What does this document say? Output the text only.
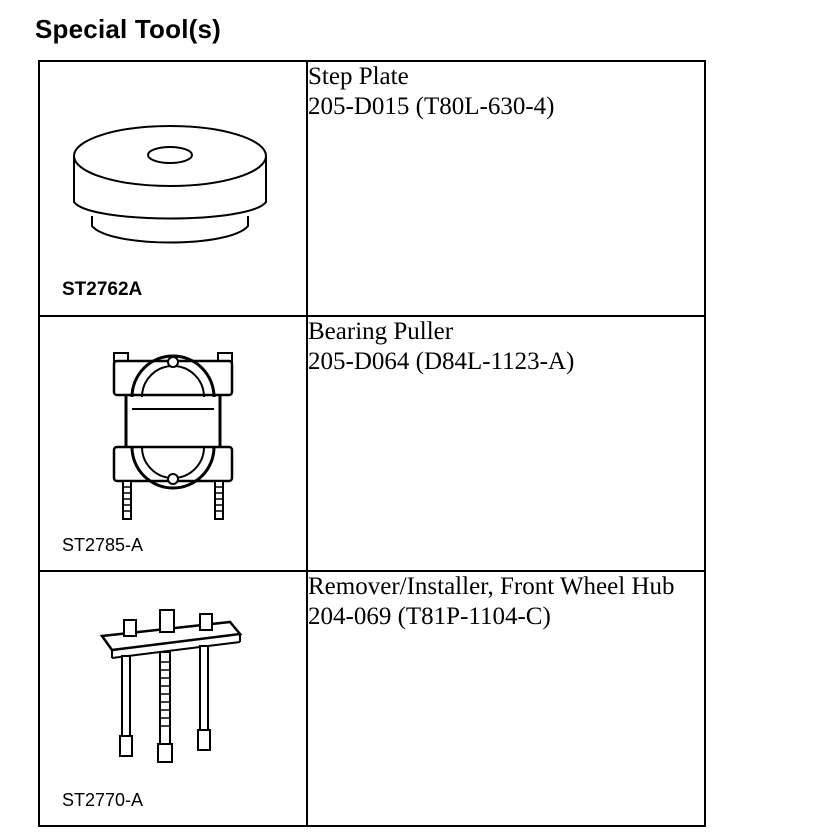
Special Tool(s)
ST2762A	Step Plate
205-D015 (T80L-630-4)

ST2785-A	Bearing Puller
205-D064 (D84L-1123-A)

ST2770-A	Remover/Installer, Front Wheel Hub
204-069 (T81P-1104-C)
